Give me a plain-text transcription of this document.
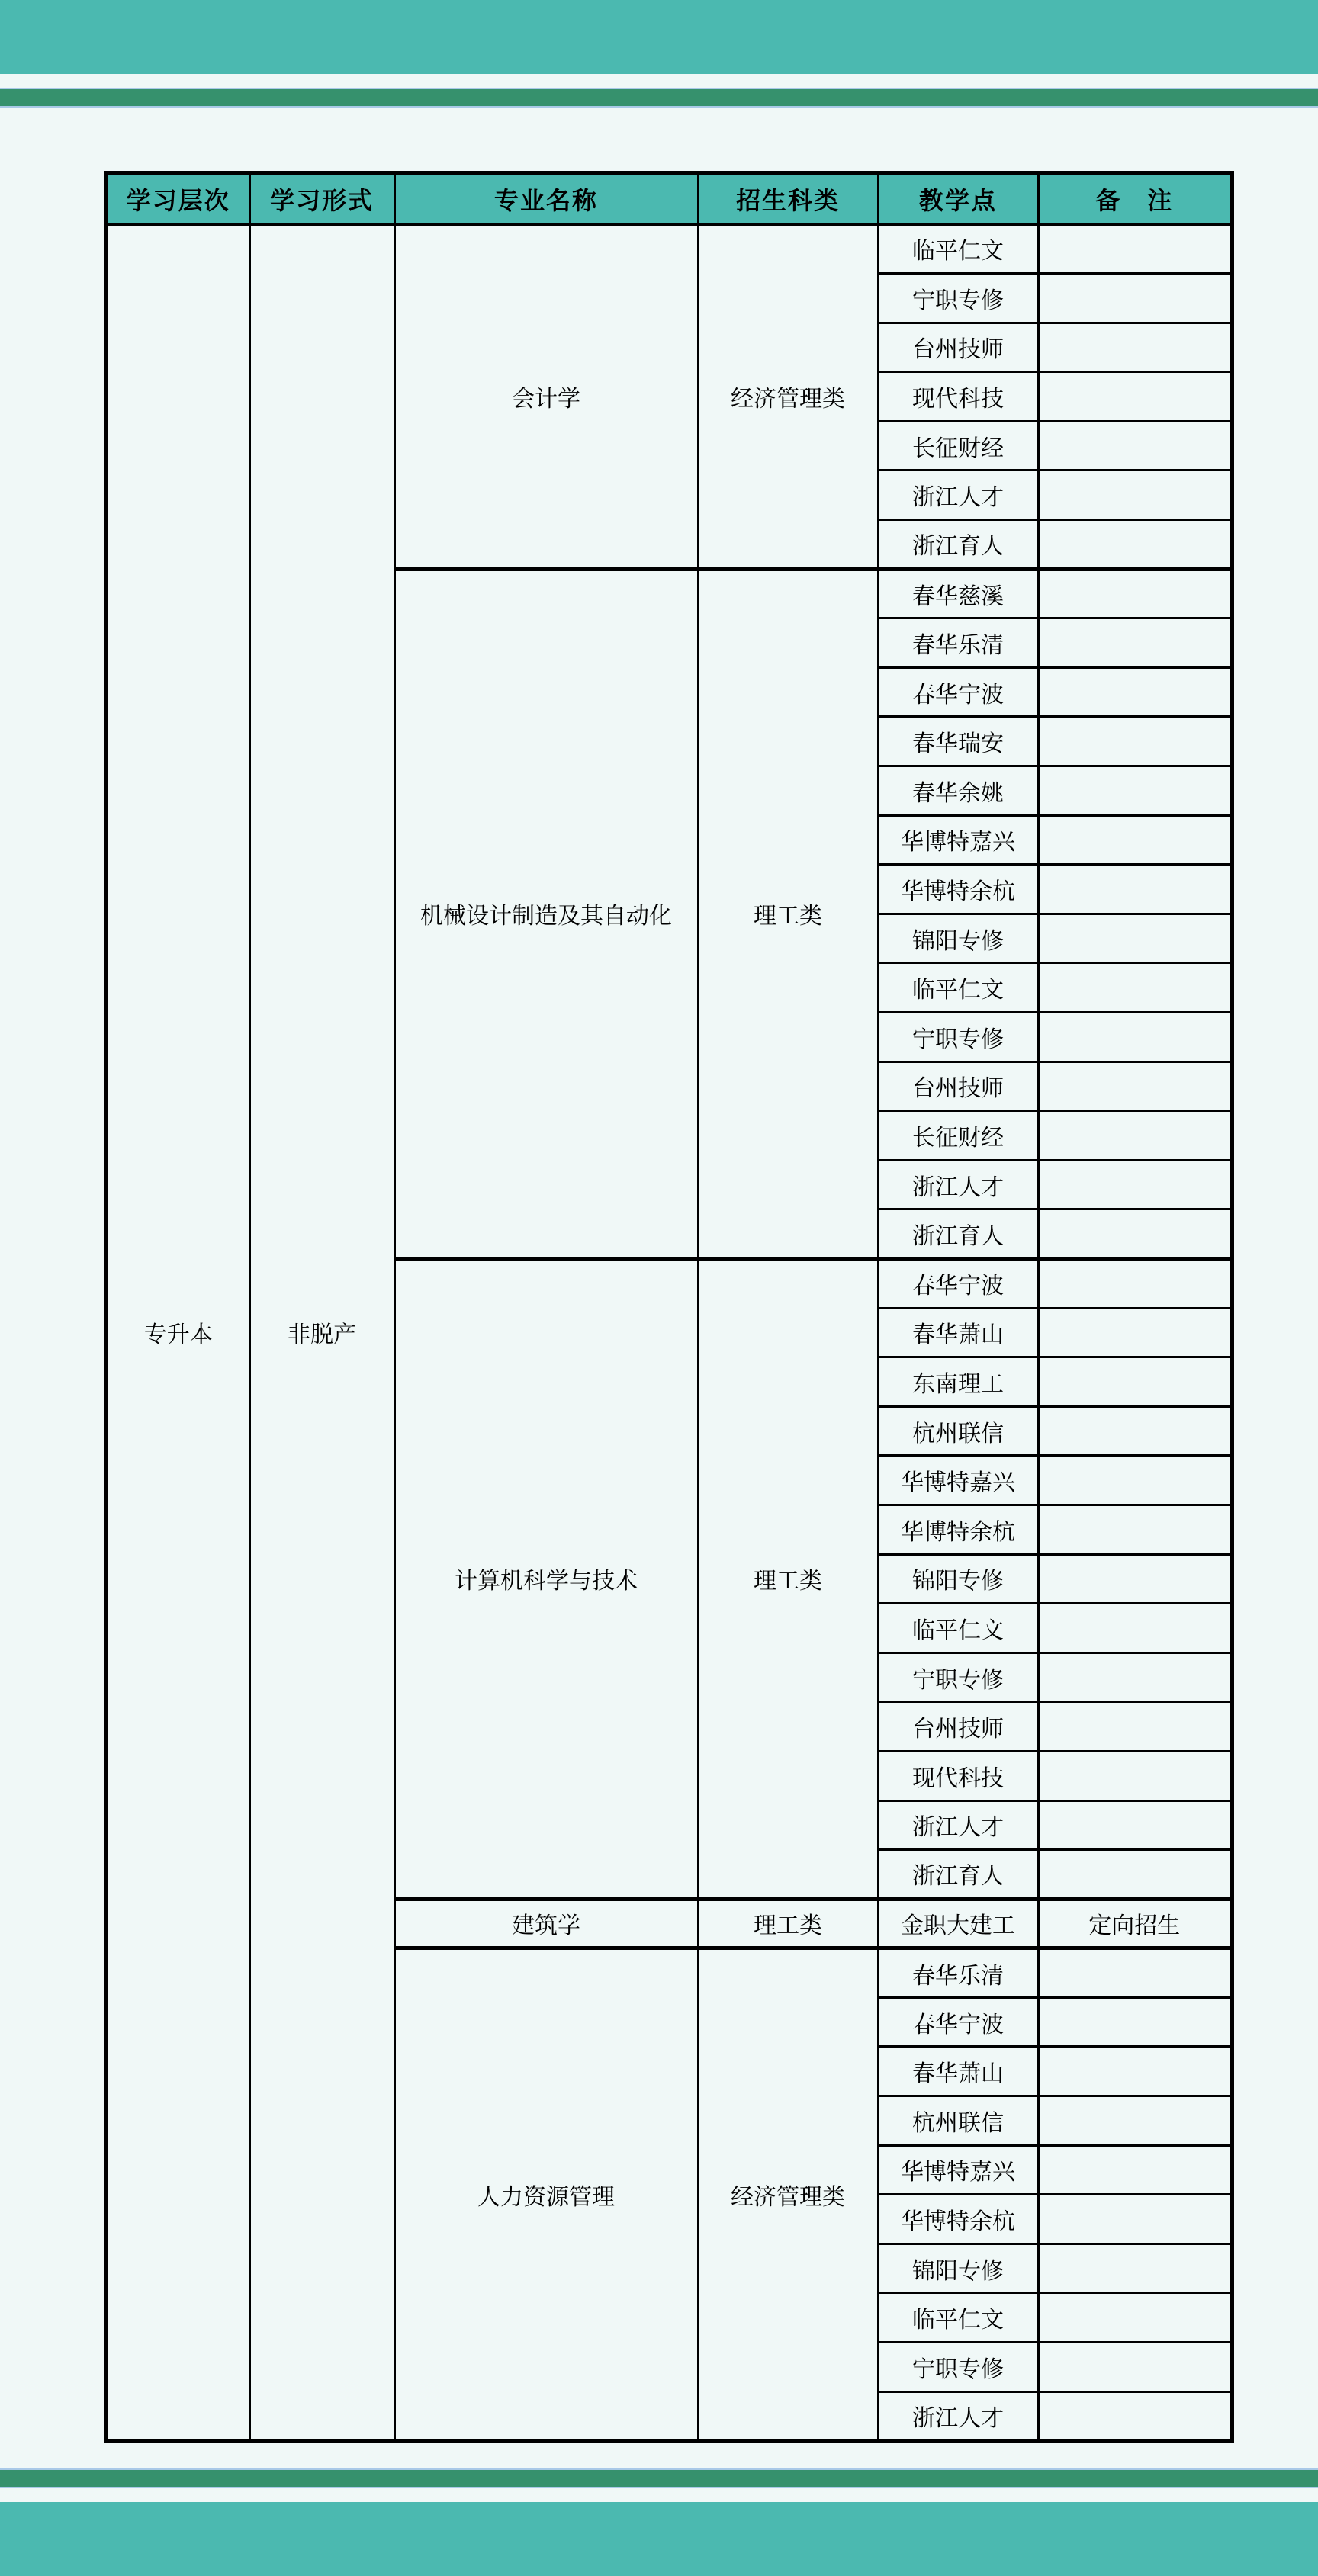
学习层次	学习形式	专业名称	招生科类	教学点	备　注
专升本	非脱产	会计学	经济管理类	临平仁文	
				宁职专修	
				台州技师	
				现代科技	
				长征财经	
				浙江人才	
				浙江育人	
		机械设计制造及其自动化	理工类	春华慈溪	
				春华乐清	
				春华宁波	
				春华瑞安	
				春华余姚	
				华博特嘉兴	
				华博特余杭	
				锦阳专修	
				临平仁文	
				宁职专修	
				台州技师	
				长征财经	
				浙江人才	
				浙江育人	
		计算机科学与技术	理工类	春华宁波	
				春华萧山	
				东南理工	
				杭州联信	
				华博特嘉兴	
				华博特余杭	
				锦阳专修	
				临平仁文	
				宁职专修	
				台州技师	
				现代科技	
				浙江人才	
				浙江育人	
		建筑学	理工类	金职大建工	定向招生
		人力资源管理	经济管理类	春华乐清	
				春华宁波	
				春华萧山	
				杭州联信	
				华博特嘉兴	
				华博特余杭	
				锦阳专修	
				临平仁文	
				宁职专修	
				浙江人才	
